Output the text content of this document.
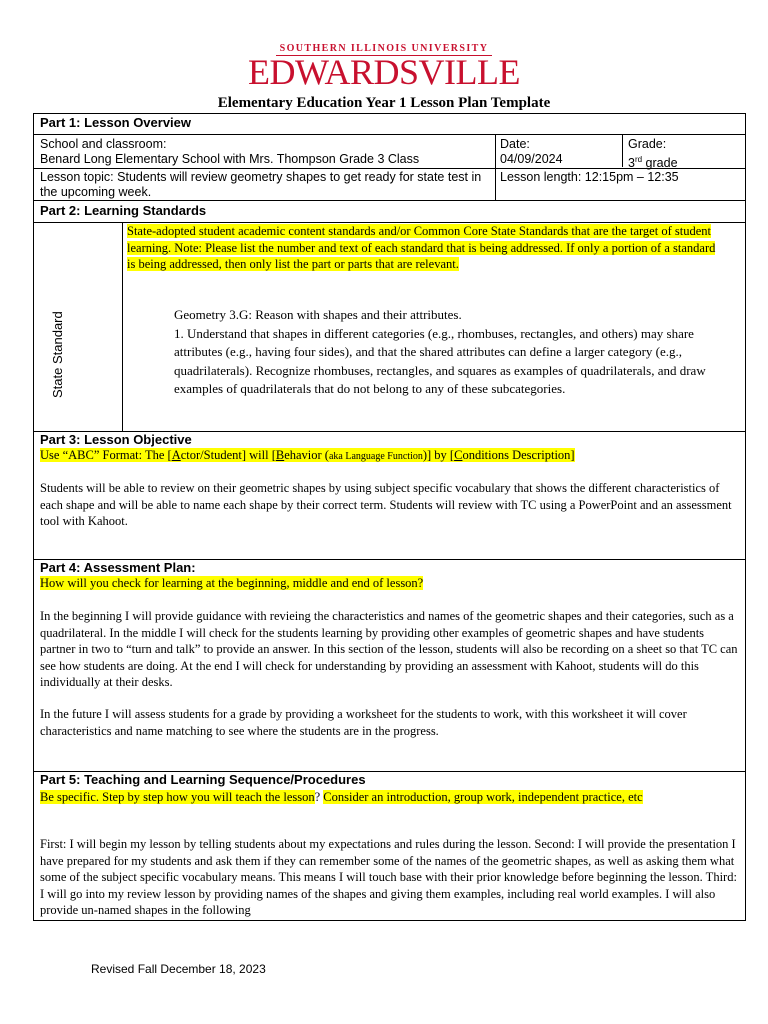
SOUTHERN ILLINOIS UNIVERSITY
EDWARDSVILLE
Elementary Education Year 1 Lesson Plan Template
Part 1: Lesson Overview
School and classroom:
Benard Long Elementary School with Mrs. Thompson Grade 3 Class
Date:
04/09/2024
Grade:
3rd grade
Lesson topic: Students will review geometry shapes to get ready for state test in the upcoming week.
Lesson length: 12:15pm – 12:35
Part 2: Learning Standards
State Standard
State-adopted student academic content standards and/or Common Core State Standards that are the target of student learning. Note: Please list the number and text of each standard that is being addressed. If only a portion of a standard is being addressed, then only list the part or parts that are relevant.
Geometry 3.G: Reason with shapes and their attributes.
1. Understand that shapes in different categories (e.g., rhombuses, rectangles, and others) may share attributes (e.g., having four sides), and that the shared attributes can define a larger category (e.g., quadrilaterals). Recognize rhombuses, rectangles, and squares as examples of quadrilaterals, and draw examples of quadrilaterals that do not belong to any of these subcategories.
Part 3: Lesson Objective
Use “ABC” Format: The [Actor/Student] will [Behavior (aka Language Function)] by [Conditions Description]
Students will be able to review on their geometric shapes by using subject specific vocabulary that shows the different characteristics of each shape and will be able to name each shape by their correct term. Students will review with TC using a PowerPoint and an assessment tool with Kahoot.
Part 4: Assessment Plan:
How will you check for learning at the beginning, middle and end of lesson?
In the beginning I will provide guidance with revieing the characteristics and names of the geometric shapes and their categories, such as a quadrilateral. In the middle I will check for the students learning by providing other examples of geometric shapes and have students partner in two to “turn and talk” to provide an answer. In this section of the lesson, students will also be recording on a sheet so that TC can see how students are doing. At the end I will check for understanding by providing an assessment with Kahoot, students will do this individually at their desks.
In the future I will assess students for a grade by providing a worksheet for the students to work, with this worksheet it will cover characteristics and name matching to see where the students are in the progress.
Part 5: Teaching and Learning Sequence/Procedures
Be specific. Step by step how you will teach the lesson? Consider an introduction, group work, independent practice, etc
First: I will begin my lesson by telling students about my expectations and rules during the lesson. Second: I will provide the presentation I have prepared for my students and ask them if they can remember some of the names of the geometric shapes, as well as asking them what some of the subject specific vocabulary means. This means I will touch base with their prior knowledge before beginning the lesson. Third: I will go into my review lesson by providing names of the shapes and giving them examples, including real world examples. I will also provide un-named shapes in the following
Revised Fall December 18, 2023
